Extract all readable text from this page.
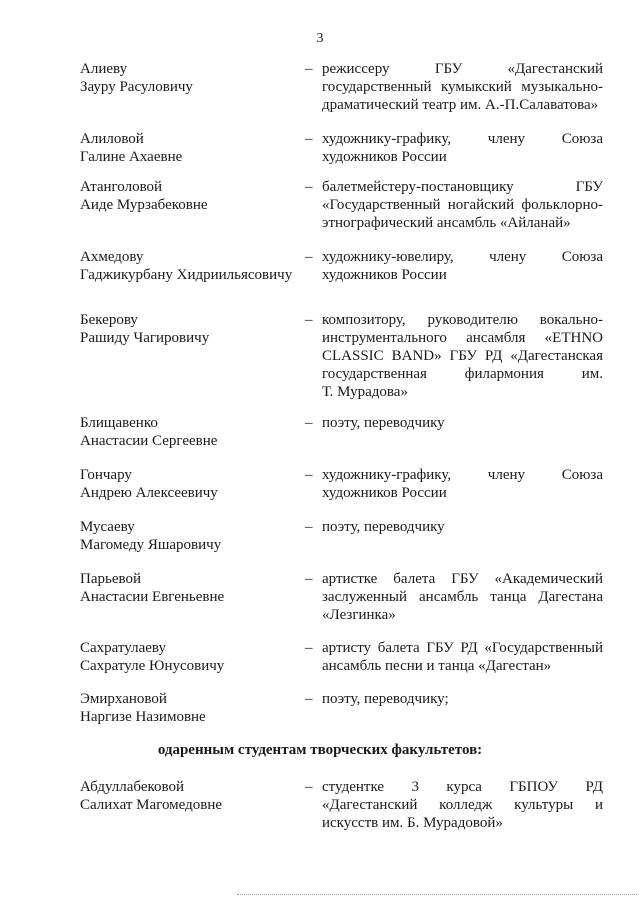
3
Алиеву
Зауру Расуловичу
– режиссеру ГБУ «Дагестанский
государственный кумыкский музыкально-
драматический театр им. А.-П.Салаватова»
Алиловой
Галине Ахаевне
– художнику-графику, члену Союза
художников России
Атанголовой
Аиде Мурзабековне
– балетмейстеру-постановщику ГБУ
«Государственный ногайский фольклорно-
этнографический ансамбль «Айланай»
Ахмедову
Гаджикурбану Хидриильясовичу
– художнику-ювелиру, члену Союза
художников России
Бекерову
Рашиду Чагировичу
– композитору, руководителю вокально-
инструментального ансамбля «ETHNO
CLASSIC BAND» ГБУ РД «Дагестанская
государственная филармония им.
Т. Мурадова»
Блищавенко
Анастасии Сергеевне
– поэту, переводчику
Гончару
Андрею Алексеевичу
– художнику-графику, члену Союза
художников России
Мусаеву
Магомеду Яшаровичу
– поэту, переводчику
Парьевой
Анастасии Евгеньевне
– артистке балета ГБУ «Академический
заслуженный ансамбль танца Дагестана
«Лезгинка»
Сахратулаеву
Сахратуле Юнусовичу
– артисту балета ГБУ РД «Государственный
ансамбль песни и танца «Дагестан»
Эмирхановой
Наргизе Назимовне
– поэту, переводчику;
одаренным студентам творческих факультетов:
Абдуллабековой
Салихат Магомедовне
– студентке 3 курса ГБПОУ РД
«Дагестанский колледж культуры и
искусств им. Б. Мурадовой»
